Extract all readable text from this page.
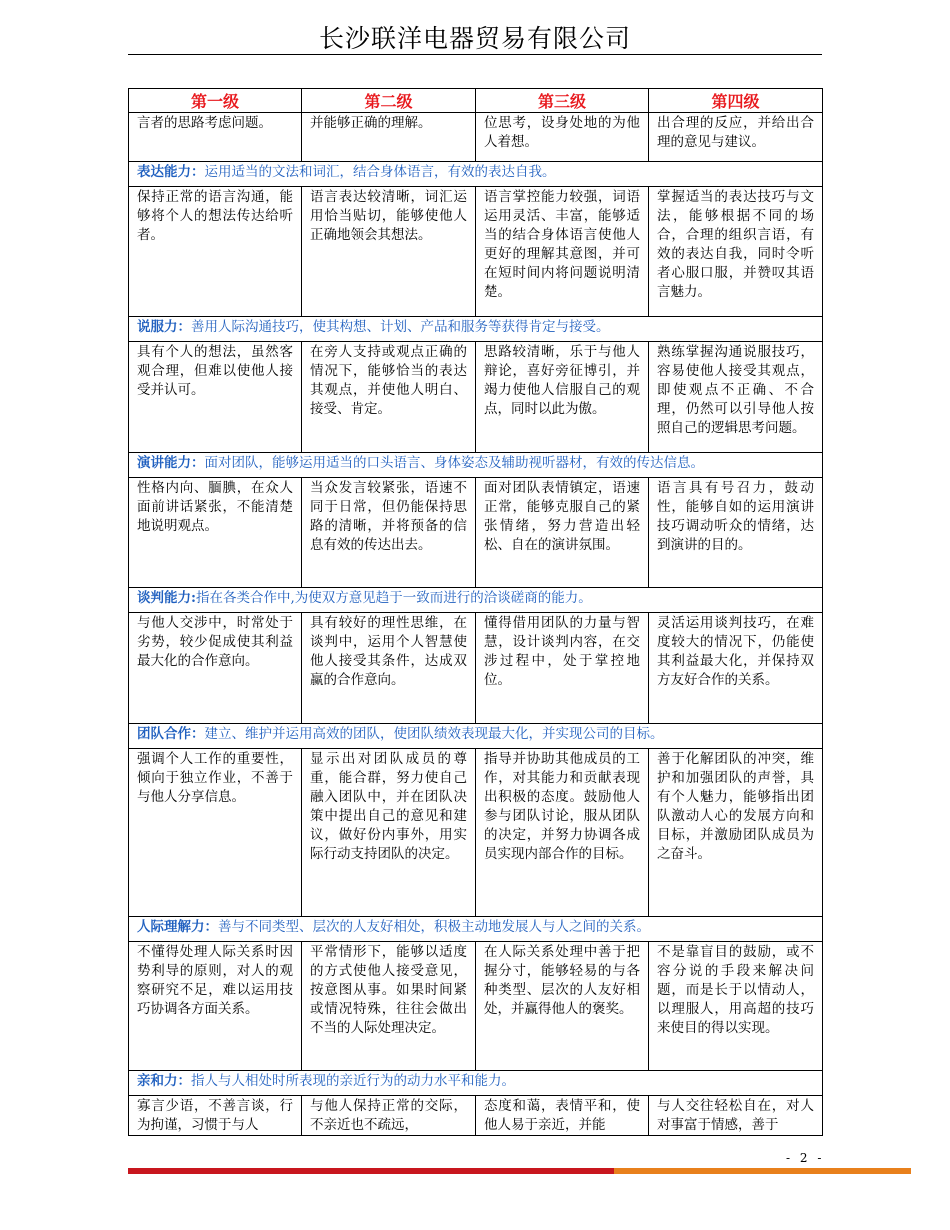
长沙联洋电器贸易有限公司
第一级	第二级	第三级	第四级
言者的思路考虑问题。	并能够正确的理解。	位思考，设身处地的为他人着想。	出合理的反应，并给出合理的意见与建议。
表达能力：运用适当的文法和词汇，结合身体语言，有效的表达自我。			
保持正常的语言沟通，能够将个人的想法传达给听者。	语言表达较清晰，词汇运用恰当贴切，能够使他人正确地领会其想法。	语言掌控能力较强，词语运用灵活、丰富，能够适当的结合身体语言使他人更好的理解其意图，并可在短时间内将问题说明清楚。	掌握适当的表达技巧与文法，能够根据不同的场合，合理的组织言语，有效的表达自我，同时令听者心服口服，并赞叹其语言魅力。
说服力：善用人际沟通技巧，使其构想、计划、产品和服务等获得肯定与接受。			
具有个人的想法，虽然客观合理，但难以使他人接受并认可。	在旁人支持或观点正确的情况下，能够恰当的表达其观点，并使他人明白、接受、肯定。	思路较清晰，乐于与他人辩论，喜好旁征博引，并竭力使他人信服自己的观点，同时以此为傲。	熟练掌握沟通说服技巧，容易使他人接受其观点，即使观点不正确、不合理，仍然可以引导他人按照自己的逻辑思考问题。
演讲能力：面对团队，能够运用适当的口头语言、身体姿态及辅助视听器材，有效的传达信息。			
性格内向、腼腆，在众人面前讲话紧张，不能清楚地说明观点。	当众发言较紧张，语速不同于日常，但仍能保持思路的清晰，并将预备的信息有效的传达出去。	面对团队表情镇定，语速正常，能够克服自己的紧张情绪，努力营造出轻松、自在的演讲氛围。	语言具有号召力，鼓动性，能够自如的运用演讲技巧调动听众的情绪，达到演讲的目的。
谈判能力:指在各类合作中,为使双方意见趋于一致而进行的洽谈磋商的能力。			
与他人交涉中，时常处于劣势，较少促成使其利益最大化的合作意向。	具有较好的理性思维，在谈判中，运用个人智慧使他人接受其条件，达成双赢的合作意向。	懂得借用团队的力量与智慧，设计谈判内容，在交涉过程中，处于掌控地位。	灵活运用谈判技巧，在难度较大的情况下，仍能使其利益最大化，并保持双方友好合作的关系。
团队合作：建立、维护并运用高效的团队，使团队绩效表现最大化，并实现公司的目标。			
强调个人工作的重要性，倾向于独立作业，不善于与他人分享信息。	显示出对团队成员的尊重，能合群，努力使自己融入团队中，并在团队决策中提出自己的意见和建议，做好份内事外，用实际行动支持团队的决定。	指导并协助其他成员的工作，对其能力和贡献表现出积极的态度。鼓励他人参与团队讨论，服从团队的决定，并努力协调各成员实现内部合作的目标。	善于化解团队的冲突，维护和加强团队的声誉，具有个人魅力，能够指出团队激动人心的发展方向和目标，并激励团队成员为之奋斗。
人际理解力：善与不同类型、层次的人友好相处，积极主动地发展人与人之间的关系。			
不懂得处理人际关系时因势利导的原则，对人的观察研究不足，难以运用技巧协调各方面关系。	平常情形下，能够以适度的方式使他人接受意见，按意图从事。如果时间紧或情况特殊，往往会做出不当的人际处理决定。	在人际关系处理中善于把握分寸，能够轻易的与各种类型、层次的人友好相处，并赢得他人的褒奖。	不是靠盲目的鼓励，或不容分说的手段来解决问题，而是长于以情动人，以理服人，用高超的技巧来使目的得以实现。
亲和力：指人与人相处时所表现的亲近行为的动力水平和能力。			
寡言少语，不善言谈，行为拘谨，习惯于与人	与他人保持正常的交际，不亲近也不疏远，	态度和蔼，表情平和，使他人易于亲近，并能	与人交往轻松自在，对人对事富于情感，善于
- 2 -
